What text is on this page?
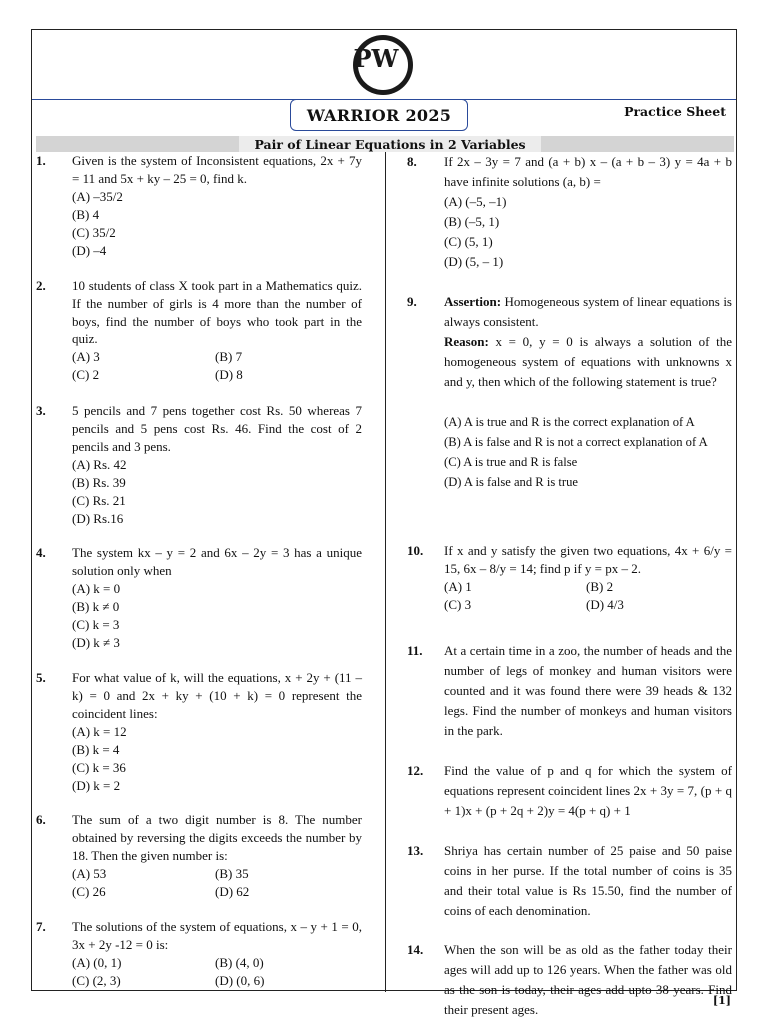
PW
WARRIOR 2025	Practice Sheet
Pair of Linear Equations in 2 Variables
1. Given is the system of Inconsistent equations, 2x + 7y = 11 and 5x + ky – 25 = 0, find k.
(A) –35/2
(B) 4
(C) 35/2
(D) –4
2. 10 students of class X took part in a Mathematics quiz. If the number of girls is 4 more than the number of boys, find the number of boys who took part in the quiz.
(A) 3	(B) 7
(C) 2	(D) 8
3. 5 pencils and 7 pens together cost Rs. 50 whereas 7 pencils and 5 pens cost Rs. 46. Find the cost of 2 pencils and 3 pens.
(A) Rs. 42
(B) Rs. 39
(C) Rs. 21
(D) Rs.16
4. The system kx – y = 2 and 6x – 2y = 3 has a unique solution only when
(A) k = 0
(B) k ≠ 0
(C) k = 3
(D) k ≠ 3
5. For what value of k, will the equations, x + 2y + (11 – k) = 0 and 2x + ky + (10 + k) = 0 represent the coincident lines:
(A) k = 12
(B) k = 4
(C) k = 36
(D) k = 2
6. The sum of a two digit number is 8. The number obtained by reversing the digits exceeds the number by 18. Then the given number is:
(A) 53	(B) 35
(C) 26	(D) 62
7. The solutions of the system of equations, x – y + 1 = 0, 3x + 2y -12 = 0 is:
(A) (0, 1)	(B) (4, 0)
(C) (2, 3)	(D) (0, 6)
8. If 2x – 3y = 7 and (a + b) x – (a + b – 3) y = 4a + b have infinite solutions (a, b) =
(A) (–5, –1)
(B) (–5, 1)
(C) (5, 1)
(D) (5, – 1)
9. Assertion: Homogeneous system of linear equations is always consistent.
Reason: x = 0, y = 0 is always a solution of the homogeneous system of equations with unknowns x and y, then which of the following statement is true?
(A) A is true and R is the correct explanation of A
(B) A is false and R is not a correct explanation of A
(C) A is true and R is false
(D) A is false and R is true
10. If x and y satisfy the given two equations, 4x + 6/y = 15, 6x – 8/y = 14; find p if y = px – 2.
(A) 1	(B) 2
(C) 3	(D) 4/3
11. At a certain time in a zoo, the number of heads and the number of legs of monkey and human visitors were counted and it was found there were 39 heads & 132 legs. Find the number of monkeys and human visitors in the park.
12. Find the value of p and q for which the system of equations represent coincident lines 2x + 3y = 7, (p + q + 1)x + (p + 2q + 2)y = 4(p + q) + 1
13. Shriya has certain number of 25 paise and 50 paise coins in her purse. If the total number of coins is 35 and their total value is Rs 15.50, find the number of coins of each denomination.
14. When the son will be as old as the father today their ages will add up to 126 years. When the father was old as the son is today, their ages add upto 38 years. Find their present ages.
[1]
